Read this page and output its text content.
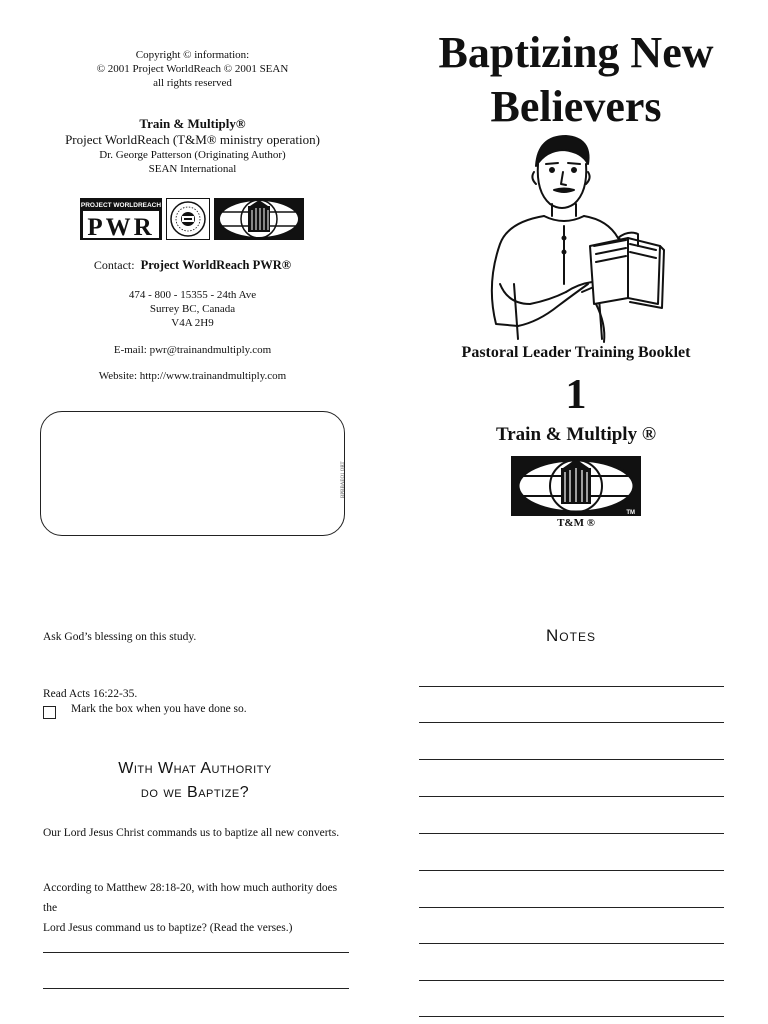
Copyright © information:
© 2001 Project WorldReach © 2001 SEAN
all rights reserved
Train & Multiply®
Project WorldReach (T&M® ministry operation)
Dr. George Patterson (Originating Author)
SEAN International
PROJECT WORLDREACH
PWR
Contact: Project WorldReach PWR®
474 - 800 - 15355 - 24th Ave
Surrey BC, Canada
V4A 2H9
E-mail: pwr@trainandmultiply.com
Website: http://www.trainandmultiply.com
BPBBAEO1 QRT
Baptizing New
Believers
Pastoral Leader Training Booklet
1
Train & Multiply ®
TM
T&M ®
Ask God’s blessing on this study.
Read Acts 16:22-35.
Mark the box when you have done so.
With What Authority
do we Baptize?
Our Lord Jesus Christ commands us to baptize all new converts.
According to Matthew 28:18-20, with how much authority does the
Lord Jesus command us to baptize? (Read the verses.)
Notes
